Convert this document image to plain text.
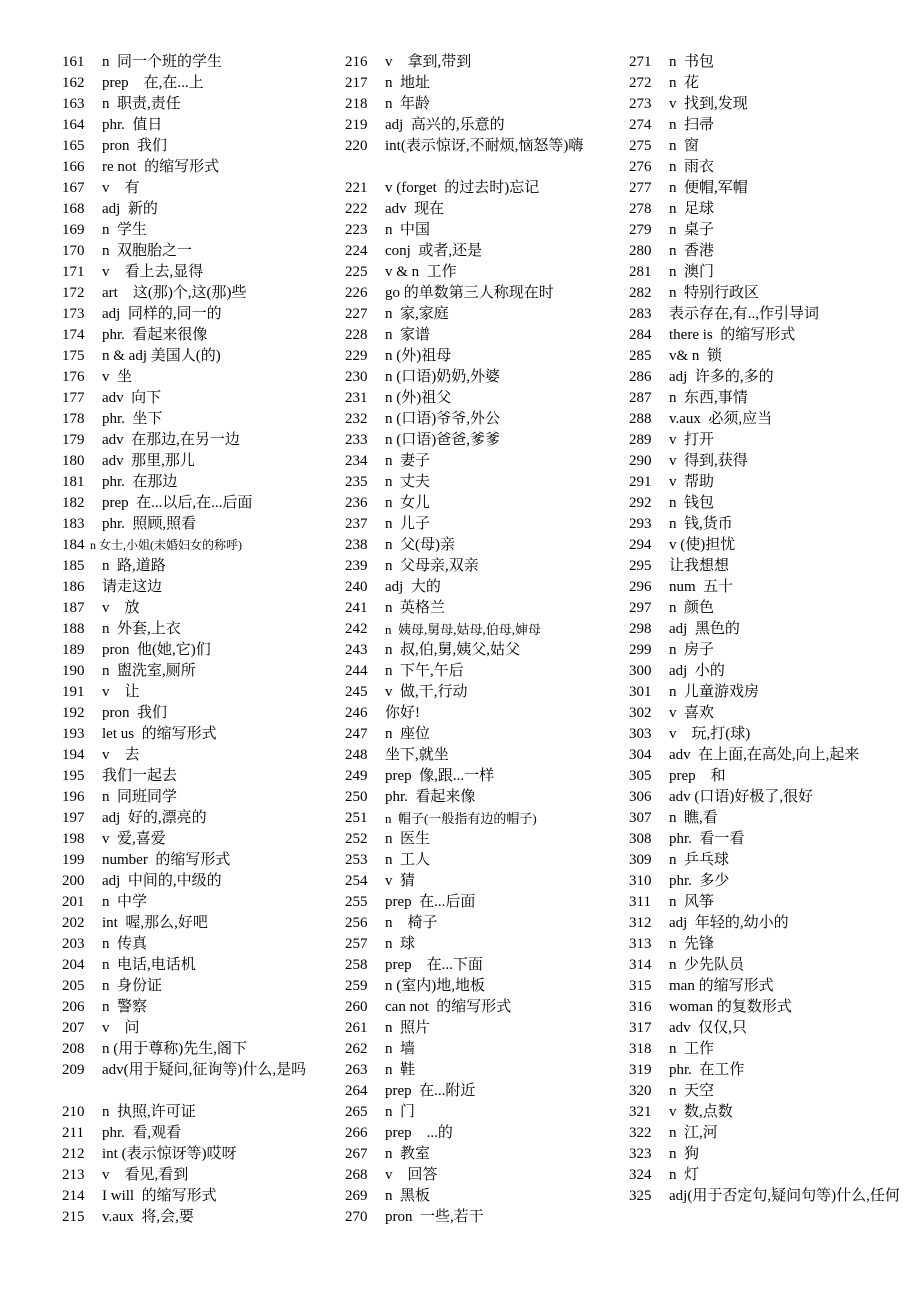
161	n  同一个班的学生
162	prep    在,在...上
163	n  职责,责任
164	phr.  值日
165	pron  我们
166	re not  的缩写形式
167	v    有
168	adj  新的
169	n  学生
170	n  双胞胎之一
171	v    看上去,显得
172	art    这(那)个,这(那)些
173	adj  同样的,同一的
174	phr.  看起来很像
175	n & adj 美国人(的)
176	v  坐
177	adv  向下
178	phr.  坐下
179	adv  在那边,在另一边
180	adv  那里,那儿
181	phr.  在那边
182	prep  在...以后,在...后面
183	phr.  照顾,照看
184 n 女士,小姐(未婚妇女的称呼)
185	n  路,道路
186	请走这边
187	v    放
188	n  外套,上衣
189	pron  他(她,它)们
190	n  盥洗室,厕所
191	v    让
192	pron  我们
193	let us  的缩写形式
194	v    去
195	我们一起去
196	n  同班同学
197	adj  好的,漂亮的
198	v  爱,喜爱
199	number  的缩写形式
200	adj  中间的,中级的
201	n  中学
202	int  喔,那么,好吧
203	n  传真
204	n  电话,电话机
205	n  身份证
206	n  警察
207	v    问
208	n (用于尊称)先生,阁下
209	adv(用于疑问,征询等)什么,是吗
210	n  执照,许可证
211	phr.  看,观看
212	int (表示惊讶等)哎呀
213	v    看见,看到
214	I will  的缩写形式
215	v.aux  将,会,要
216	v    拿到,带到
217	n  地址
218	n  年龄
219	adj  高兴的,乐意的
220	int(表示惊讶,不耐烦,恼怒等)嗨
221	v (forget  的过去时)忘记
222	adv  现在
223	n  中国
224	conj  或者,还是
225	v & n  工作
226	go 的单数第三人称现在时
227	n  家,家庭
228	n  家谱
229	n (外)祖母
230	n (口语)奶奶,外婆
231	n (外)祖父
232	n (口语)爷爷,外公
233	n (口语)爸爸,爹爹
234	n  妻子
235	n  丈夫
236	n  女儿
237	n  儿子
238	n  父(母)亲
239	n  父母亲,双亲
240	adj  大的
241	n  英格兰
242	n  姨母,舅母,姑母,伯母,婶母
243	n  叔,伯,舅,姨父,姑父
244	n  下午,午后
245	v  做,干,行动
246	你好!
247	n  座位
248	坐下,就坐
249	prep  像,跟...一样
250	phr.  看起来像
251	n  帽子(一般指有边的帽子)
252	n  医生
253	n  工人
254	v  猜
255	prep  在...后面
256	n    椅子
257	n  球
258	prep    在...下面
259	n (室内)地,地板
260	can not  的缩写形式
261	n  照片
262	n  墙
263	n  鞋
264	prep  在...附近
265	n  门
266	prep    ...的
267	n  教室
268	v    回答
269	n  黑板
270	pron  一些,若干
271	n  书包
272	n  花
273	v  找到,发现
274	n  扫帚
275	n  窗
276	n  雨衣
277	n  便帽,军帽
278	n  足球
279	n  桌子
280	n  香港
281	n  澳门
282	n  特别行政区
283	表示存在,有..,作引导词
284	there is  的缩写形式
285	v& n  锁
286	adj  许多的,多的
287	n  东西,事情
288	v.aux  必须,应当
289	v  打开
290	v  得到,获得
291	v  帮助
292	n  钱包
293	n  钱,货币
294	v (使)担忧
295	让我想想
296	num  五十
297	n  颜色
298	adj  黑色的
299	n  房子
300	adj  小的
301	n  儿童游戏房
302	v  喜欢
303	v    玩,打(球)
304	adv  在上面,在高处,向上,起来
305	prep    和
306	adv (口语)好极了,很好
307	n  瞧,看
308	phr.  看一看
309	n  乒乓球
310	phr.  多少
311	n  风筝
312	adj  年轻的,幼小的
313	n  先锋
314	n  少先队员
315	man 的缩写形式
316	woman 的复数形式
317	adv  仅仅,只
318	n  工作
319	phr.  在工作
320	n  天空
321	v  数,点数
322	n  江,河
323	n  狗
324	n  灯
325	adj(用于否定句,疑问句等)什么,任何
